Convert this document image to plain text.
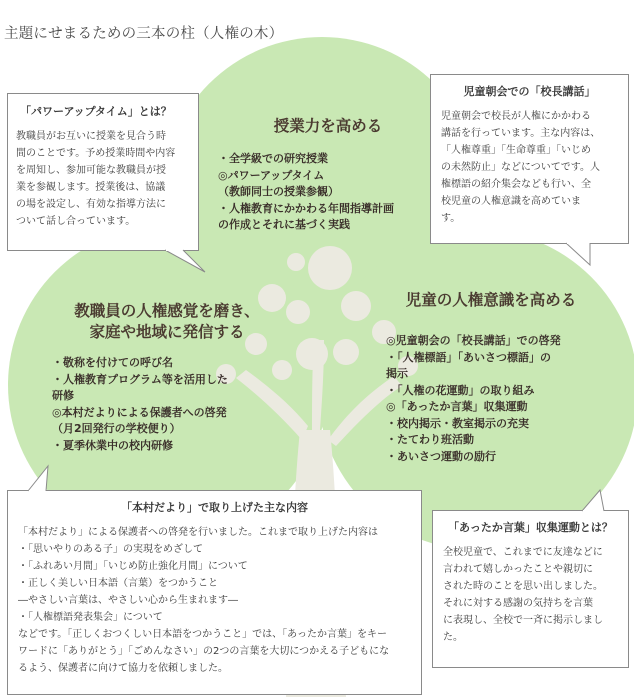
主題にせまるための三本の柱（人権の木）
授業力を高める
・全学級での研究授業
◎パワーアップタイム
（教師同士の授業参観）
・人権教育にかかわる年間指導計画
の作成とそれに基づく実践
教職員の人権感覚を磨き、
家庭や地域に発信する
・敬称を付けての呼び名
・人権教育プログラム等を活用した
研修
◎本村だよりによる保護者への啓発
（月2回発行の学校便り）
・夏季休業中の校内研修
児童の人権意識を高める
◎児童朝会の「校長講話」での啓発
・「人権標語」「あいさつ標語」の
掲示
・「人権の花運動」の取り組み
◎「あったか言葉」収集運動
・校内掲示・教室掲示の充実
・たてわり班活動
・あいさつ運動の励行
「パワーアップタイム」とは？
教職員がお互いに授業を見合う時
間のことです。予め授業時間や内容
を周知し、参加可能な教職員が授
業を参観します。授業後は、協議
の場を設定し、有効な指導方法に
ついて話し合っています。
児童朝会での「校長講話」
児童朝会で校長が人権にかかわる
講話を行っています。主な内容は、
「人権尊重」「生命尊重」「いじめ
の未然防止」などについてです。人
権標語の紹介集会なども行い、全
校児童の人権意識を高めていま
す。
「本村だより」で取り上げた主な内容
「本村だより」による保護者への啓発を行いました。これまで取り上げた内容は
・「思いやりのある子」の実現をめざして
・「ふれあい月間」「いじめ防止強化月間」について
・正しく美しい日本語（言葉）をつかうこと
―やさしい言葉は、やさしい心から生まれます―
・「人権標語発表集会」について
などです。「正しくおつくしい日本語をつかうこと」では、「あったか言葉」をキー
ワードに「ありがとう」「ごめんなさい」の2つの言葉を大切につかえる子どもにな
るよう、保護者に向けて協力を依頼しました。
「あったか言葉」収集運動とは？
全校児童で、これまでに友達などに
言われて嬉しかったことや親切に
された時のことを思い出しました。
それに対する感謝の気持ちを言葉
に表現し、全校で一斉に掲示しまし
た。
